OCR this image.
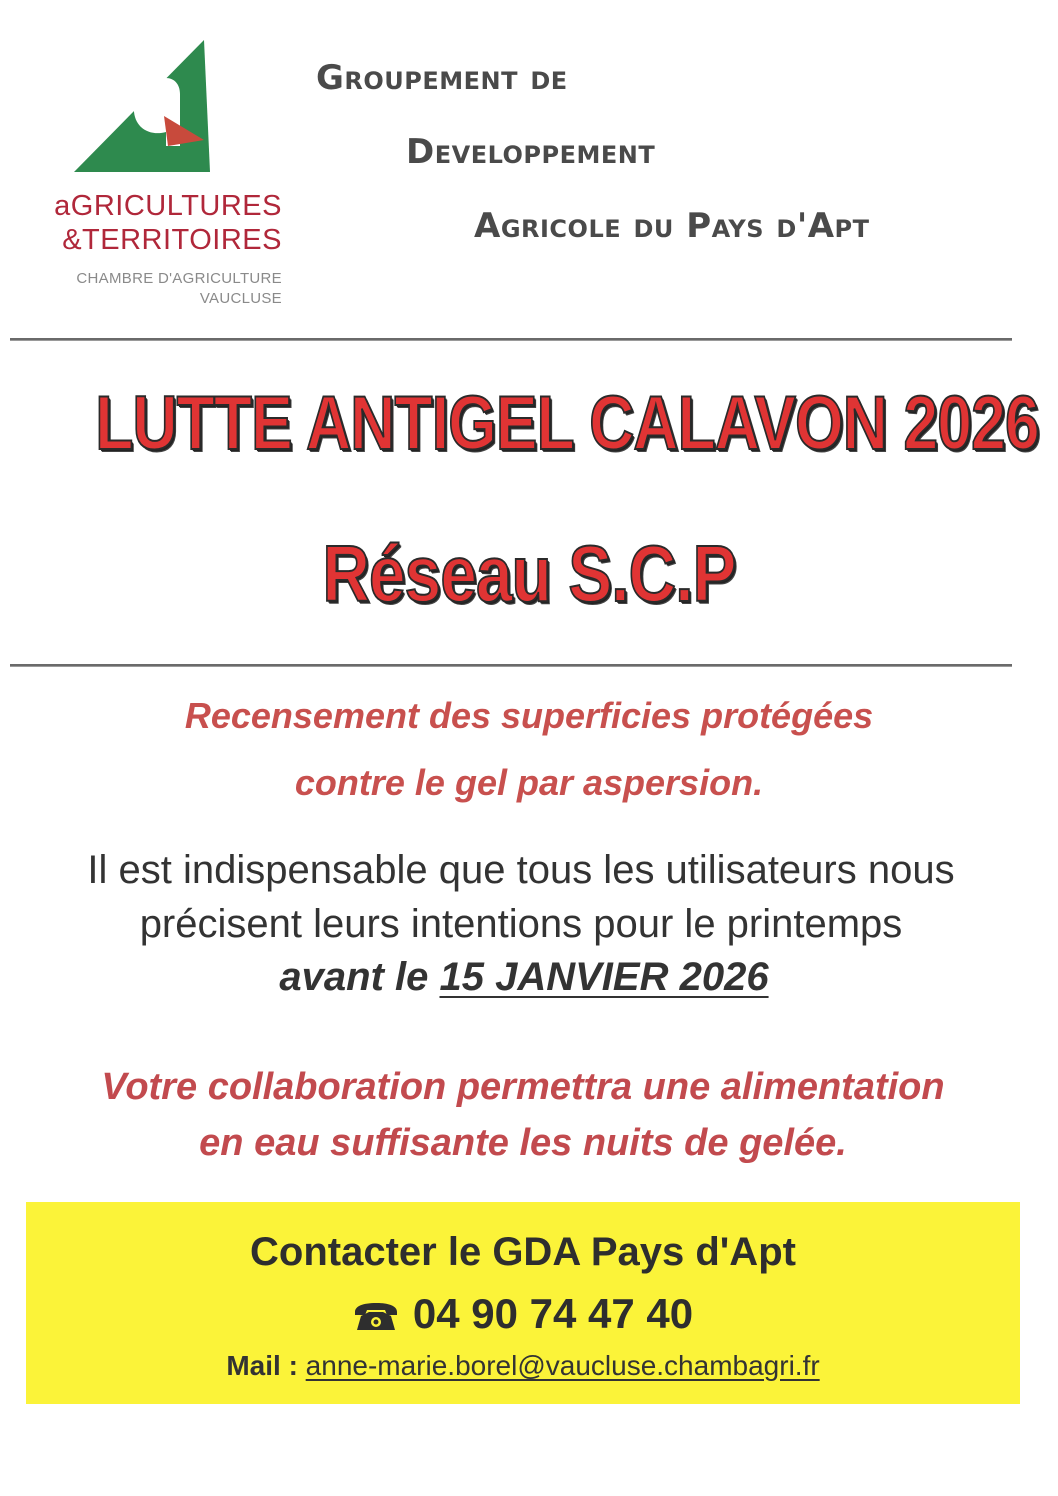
aGRICULTURES
&TERRITOIRES
CHAMBRE D'AGRICULTURE
VAUCLUSE
Groupement de
Developpement
Agricole du Pays d'Apt
LUTTE ANTIGEL CALAVON 2026
Réseau S.C.P
Recensement des superficies protégées
contre le gel par aspersion.
Il est indispensable que tous les utilisateurs nous
précisent leurs intentions pour le printemps
avant le 15 JANVIER 2026
Votre collaboration permettra une alimentation
en eau suffisante les nuits de gelée.
Contacter le GDA Pays d'Apt
04 90 74 47 40
Mail : anne-marie.borel@vaucluse.chambagri.fr
